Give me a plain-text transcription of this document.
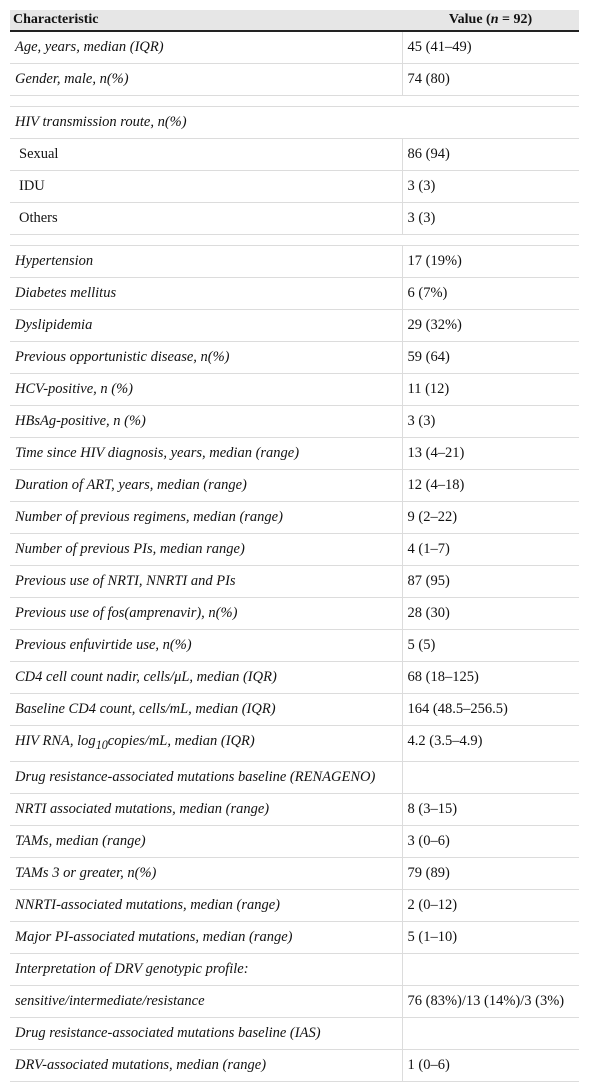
Characteristic	Value (n = 92)
Age, years, median (IQR)	45 (41–49)
Gender, male, n(%)	74 (80)

HIV transmission route, n(%)	
Sexual	86 (94)
IDU	3 (3)
Others	3 (3)

Hypertension	17 (19%)
Diabetes mellitus	6 (7%)
Dyslipidemia	29 (32%)
Previous opportunistic disease, n(%)	59 (64)
HCV-positive, n (%)	11 (12)
HBsAg-positive, n (%)	3 (3)
Time since HIV diagnosis, years, median (range)	13 (4–21)
Duration of ART, years, median (range)	12 (4–18)
Number of previous regimens, median (range)	9 (2–22)
Number of previous PIs, median range)	4 (1–7)
Previous use of NRTI, NNRTI and PIs	87 (95)
Previous use of fos(amprenavir), n(%)	28 (30)
Previous enfuvirtide use, n(%)	5 (5)
CD4 cell count nadir, cells/μL, median (IQR)	68 (18–125)
Baseline CD4 count, cells/mL, median (IQR)	164 (48.5–256.5)
HIV RNA, $\log_{10}copies/mL$, median (IQR)	4.2 (3.5–4.9)
Drug resistance-associated mutations baseline (RENAGENO)	
NRTI associated mutations, median (range)	8 (3–15)
TAMs, median (range)	3 (0–6)
TAMs 3 or greater, n(%)	79 (89)
NNRTI-associated mutations, median (range)	2 (0–12)
Major PI-associated mutations, median (range)	5 (1–10)
Interpretation of DRV genotypic profile:	
sensitive/intermediate/resistance	76 (83%)/13 (14%)/3 (3%)
Drug resistance-associated mutations baseline (IAS)	
DRV-associated mutations, median (range)	1 (0–6)
